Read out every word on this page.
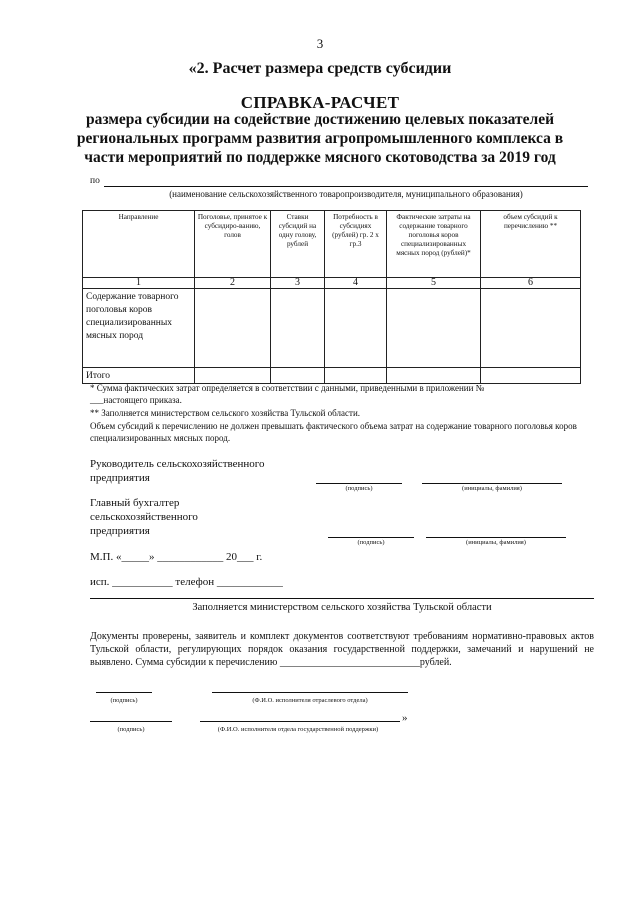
3
«2. Расчет размера средств субсидии
СПРАВКА-РАСЧЕТ
размера субсидии на содействие достижению целевых показателей
региональных программ развития агропромышленного комплекса в
части мероприятий по поддержке мясного скотоводства за 2019 год
по
(наименование сельскохозяйственного товаропроизводителя, муниципального образования)
Направление	Поголовье, принятое к субсидиро-ванию, голов	Ставки субсидий на одну голову, рублей	Потребность в субсидиях (рублей) гр. 2 х гр.3	Фактические затраты на содержание товарного поголовья коров специализированных мясных пород (рублей)*	объем субсидий к перечислению **
1	2	3	4	5	6
Содержание товарного поголовья коров специализированных мясных пород					
Итого					
* Сумма фактических затрат определяется в соответствии с данными, приведенными в приложении №
___настоящего приказа.
** Заполняется министерством сельского хозяйства Тульской области.
Объем субсидий к перечислению не должен превышать фактического объема затрат на содержание товарного поголовья коров специализированных мясных пород.
Руководитель сельскохозяйственного предприятия
(подпись)	(инициалы, фамилия)
Главный бухгалтер сельскохозяйственного предприятия
(подпись)	(инициалы, фамилия)
М.П. «_____» ____________ 20___ г.
исп. ___________ телефон ____________
Заполняется министерством сельского хозяйства Тульской области
Документы проверены, заявитель и комплект документов соответствуют требованиям нормативно-правовых актов Тульской области, регулирующих порядок оказания государственной поддержки, замечаний и нарушений не выявлено. Сумма субсидии к перечислению ____________________________рублей.
(подпись)	(Ф.И.О. исполнителя отраслевого отдела)
»
(подпись)	(Ф.И.О. исполнителя отдела государственной поддержки)
